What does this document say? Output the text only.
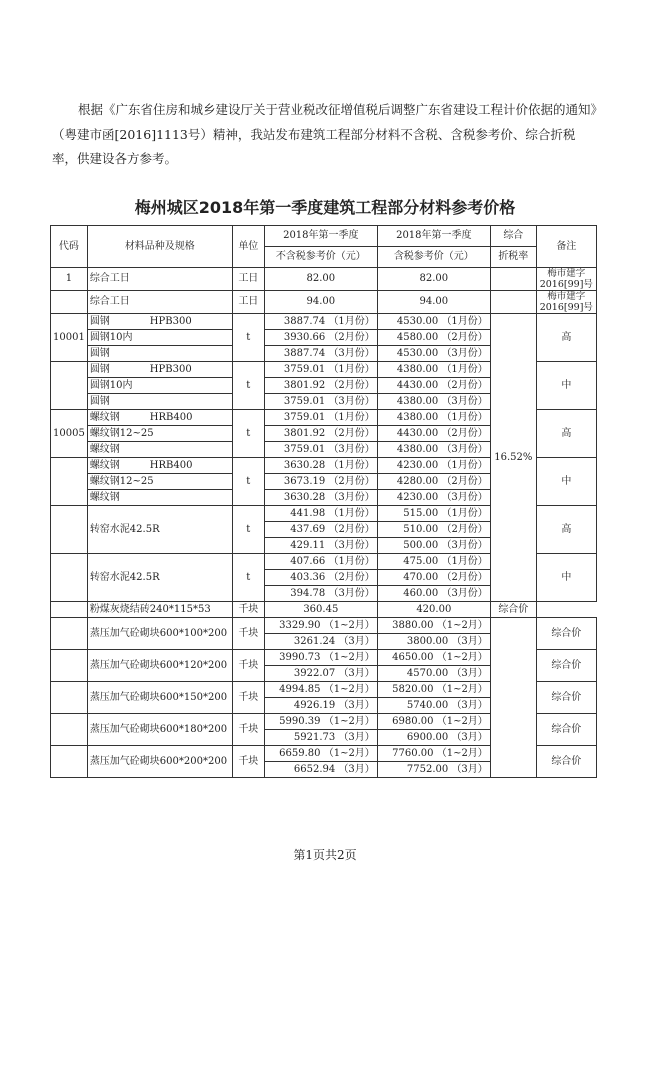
根据《广东省住房和城乡建设厅关于营业税改征增值税后调整广东省建设工程计价依据的通知》（粤建市函[2016]1113号）精神，我站发布建筑工程部分材料不含税、含税参考价、综合折税率，供建设各方参考。
梅州城区2018年第一季度建筑工程部分材料参考价格
代码	材料品种及规格	单位	2018年第一季度	2018年第一季度	综合	备注
			不含税参考价（元）	含税参考价（元）	折税率	
1	综合工日	工日	82.00	82.00		梅市建字2016[99]号
	综合工日	工日	94.00	94.00		梅市建字2016[99]号
10001	圆钢　　　　HPB300	t	3887.74 （1月份）	4530.00 （1月份）	16.52%	高
	圆钢10内		3930.66 （2月份）	4580.00 （2月份）		
	圆钢		3887.74 （3月份）	4530.00 （3月份）		
	圆钢　　　　HPB300	t	3759.01 （1月份）	4380.00 （1月份）		中
	圆钢10内		3801.92 （2月份）	4430.00 （2月份）		
	圆钢		3759.01 （3月份）	4380.00 （3月份）		
10005	螺纹钢　　　HRB400	t	3759.01 （1月份）	4380.00 （1月份）		高
	螺纹钢12~25		3801.92 （2月份）	4430.00 （2月份）		
	螺纹钢		3759.01 （3月份）	4380.00 （3月份）		
	螺纹钢　　　HRB400	t	3630.28 （1月份）	4230.00 （1月份）		中
	螺纹钢12~25		3673.19 （2月份）	4280.00 （2月份）		
	螺纹钢		3630.28 （3月份）	4230.00 （3月份）		
	转窑水泥42.5R	t	441.98 （1月份）	515.00 （1月份）		高
			437.69 （2月份）	510.00 （2月份）		
			429.11 （3月份）	500.00 （3月份）		
	转窑水泥42.5R	t	407.66 （1月份）	475.00 （1月份）		中
			403.36 （2月份）	470.00 （2月份）		
			394.78 （3月份）	460.00 （3月份）		
	粉煤灰烧结砖240*115*53	千块	360.45	420.00	综合价	
	蒸压加气砼砌块600*100*200	千块	3329.90 （1~2月）	3880.00 （1~2月）		综合价
			3261.24 （3月）	3800.00 （3月）		
	蒸压加气砼砌块600*120*200	千块	3990.73 （1~2月）	4650.00 （1~2月）		综合价
			3922.07 （3月）	4570.00 （3月）		
	蒸压加气砼砌块600*150*200	千块	4994.85 （1~2月）	5820.00 （1~2月）		综合价
			4926.19 （3月）	5740.00 （3月）		
	蒸压加气砼砌块600*180*200	千块	5990.39 （1~2月）	6980.00 （1~2月）		综合价
			5921.73 （3月）	6900.00 （3月）		
	蒸压加气砼砌块600*200*200	千块	6659.80 （1~2月）	7760.00 （1~2月）		综合价
			6652.94 （3月）	7752.00 （3月）		
第1页共2页
